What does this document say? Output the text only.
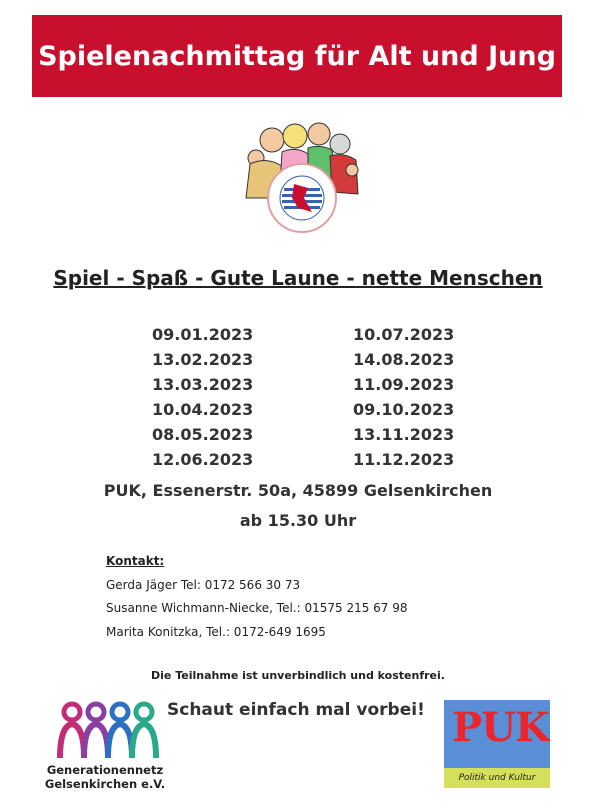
Spielenachmittag für Alt und Jung
Spiel - Spaß - Gute Laune - nette Menschen
09.01.2023
13.02.2023
13.03.2023
10.04.2023
08.05.2023
12.06.2023
10.07.2023
14.08.2023
11.09.2023
09.10.2023
13.11.2023
11.12.2023
PUK, Essenerstr. 50a, 45899 Gelsenkirchen
ab 15.30 Uhr
Kontakt:
Gerda Jäger Tel: 0172 566 30 73
Susanne Wichmann-Niecke, Tel.: 01575 215 67 98
Marita Konitzka, Tel.: 0172-649 1695
Die Teilnahme ist unverbindlich und kostenfrei.
Schaut einfach mal vorbei!
Generationennetz
Gelsenkirchen e.V.
PUK
Politik und Kultur
